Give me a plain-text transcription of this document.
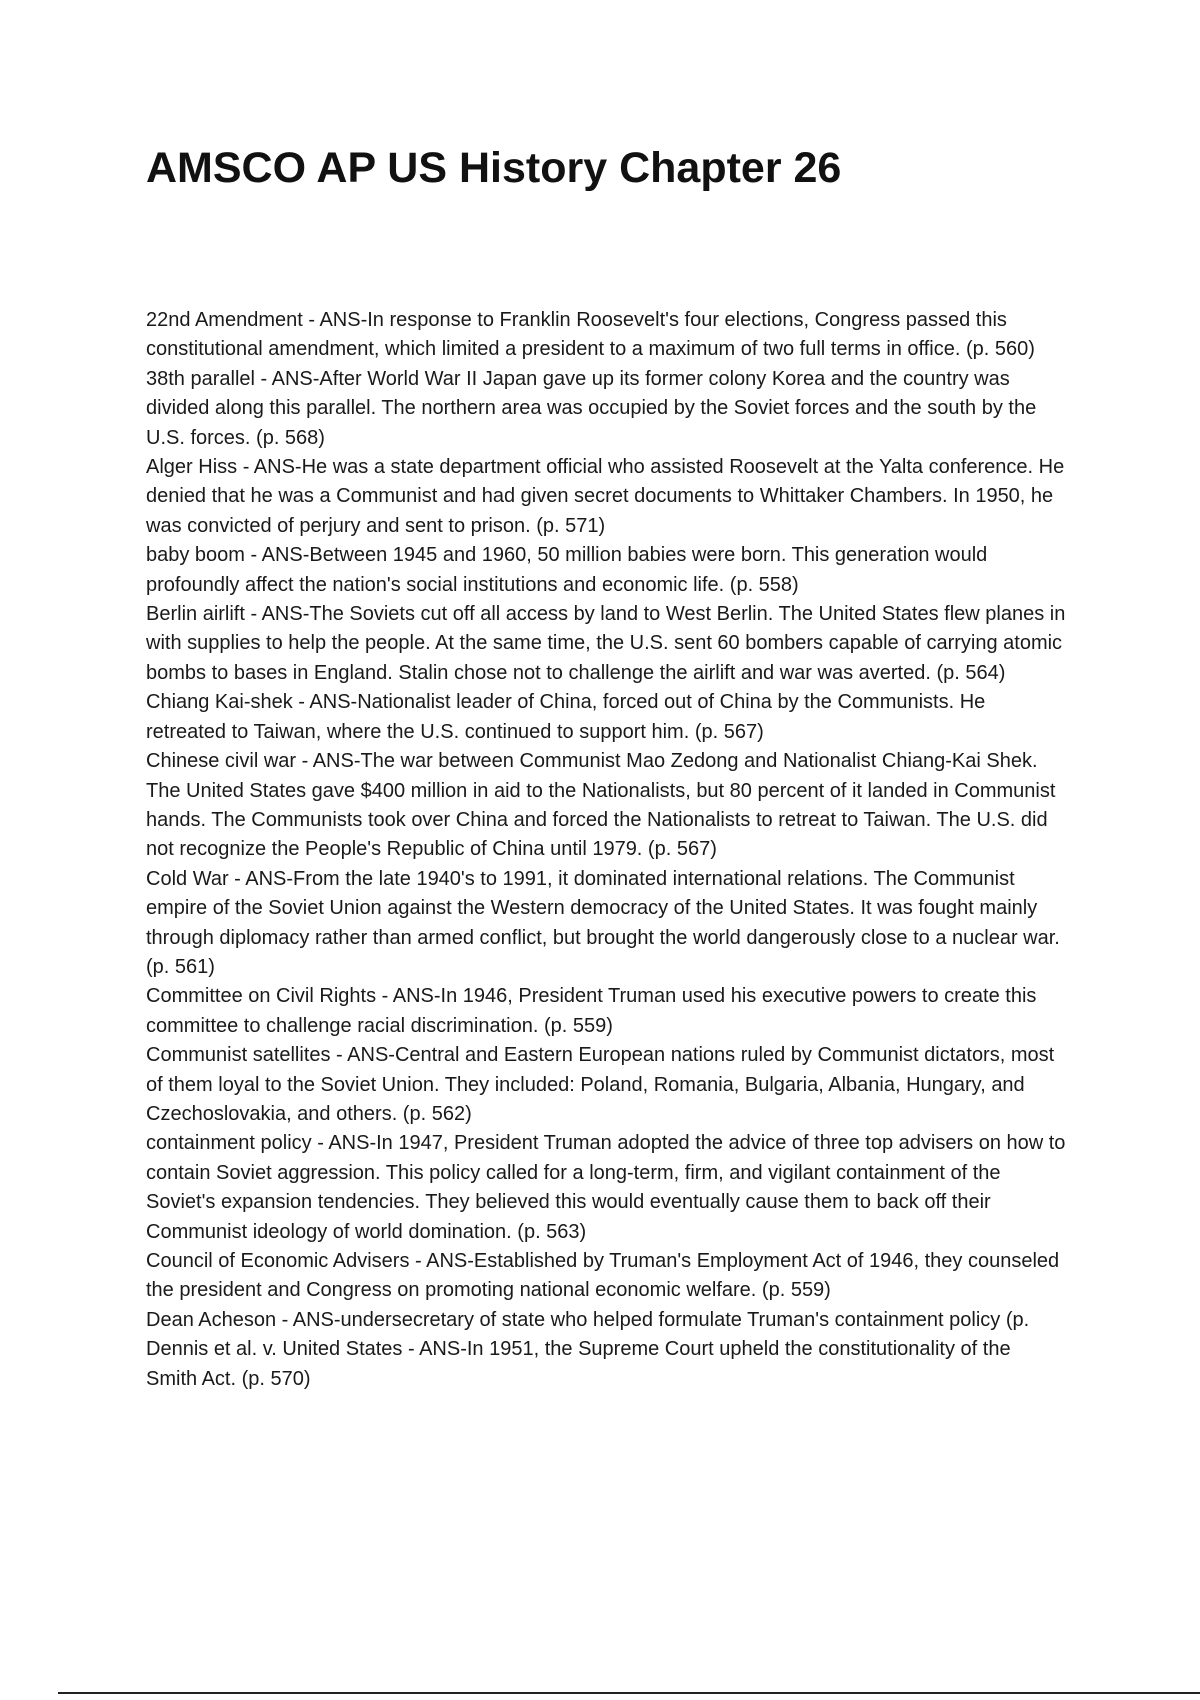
AMSCO AP US History Chapter 26

22nd Amendment - ANS-In response to Franklin Roosevelt's four elections, Congress passed this constitutional amendment, which limited a president to a maximum of two full terms in office. (p. 560)

38th parallel - ANS-After World War II Japan gave up its former colony Korea and the country was divided along this parallel. The northern area was occupied by the Soviet forces and the south by the U.S. forces. (p. 568)

Alger Hiss - ANS-He was a state department official who assisted Roosevelt at the Yalta conference. He denied that he was a Communist and had given secret documents to Whittaker Chambers. In 1950, he was convicted of perjury and sent to prison. (p. 571)

baby boom - ANS-Between 1945 and 1960, 50 million babies were born. This generation would profoundly affect the nation's social institutions and economic life. (p. 558)

Berlin airlift - ANS-The Soviets cut off all access by land to West Berlin. The United States flew planes in with supplies to help the people. At the same time, the U.S. sent 60 bombers capable of carrying atomic bombs to bases in England. Stalin chose not to challenge the airlift and war was averted. (p. 564)

Chiang Kai-shek - ANS-Nationalist leader of China, forced out of China by the Communists. He retreated to Taiwan, where the U.S. continued to support him. (p. 567)

Chinese civil war - ANS-The war between Communist Mao Zedong and Nationalist Chiang-Kai Shek. The United States gave $400 million in aid to the Nationalists, but 80 percent of it landed in Communist hands. The Communists took over China and forced the Nationalists to retreat to Taiwan. The U.S. did not recognize the People's Republic of China until 1979. (p. 567)

Cold War - ANS-From the late 1940's to 1991, it dominated international relations. The Communist empire of the Soviet Union against the Western democracy of the United States. It was fought mainly through diplomacy rather than armed conflict, but brought the world dangerously close to a nuclear war. (p. 561)

Committee on Civil Rights - ANS-In 1946, President Truman used his executive powers to create this committee to challenge racial discrimination. (p. 559)

Communist satellites - ANS-Central and Eastern European nations ruled by Communist dictators, most of them loyal to the Soviet Union. They included: Poland, Romania, Bulgaria, Albania, Hungary, and Czechoslovakia, and others. (p. 562)

containment policy - ANS-In 1947, President Truman adopted the advice of three top advisers on how to contain Soviet aggression. This policy called for a long-term, firm, and vigilant containment of the Soviet's expansion tendencies. They believed this would eventually cause them to back off their Communist ideology of world domination. (p. 563)

Council of Economic Advisers - ANS-Established by Truman's Employment Act of 1946, they counseled the president and Congress on promoting national economic welfare. (p. 559)

Dean Acheson - ANS-undersecretary of state who helped formulate Truman's containment policy (p.

Dennis et al. v. United States - ANS-In 1951, the Supreme Court upheld the constitutionality of the Smith Act. (p. 570)
